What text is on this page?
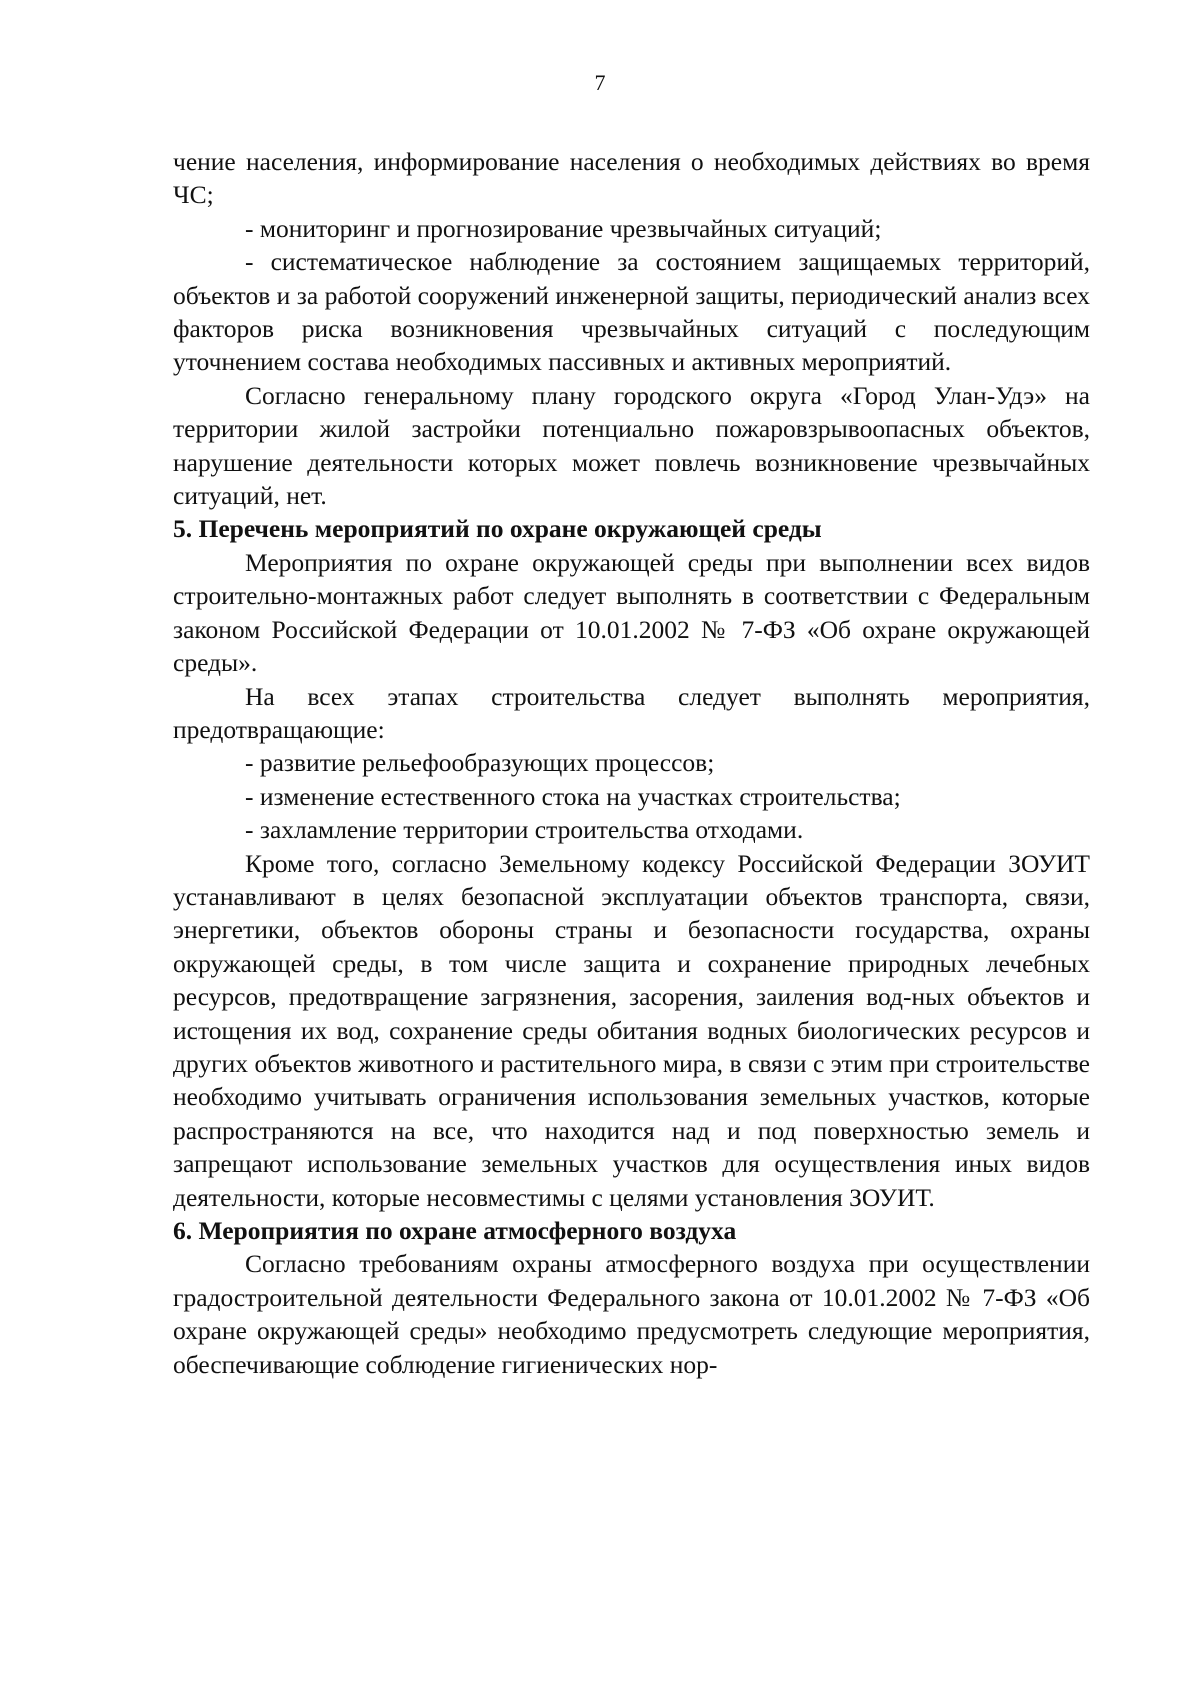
7

чение населения, информирование населения о необходимых действиях во время ЧС;

- мониторинг и прогнозирование чрезвычайных ситуаций;

- систематическое наблюдение за состоянием защищаемых территорий, объектов и за работой сооружений инженерной защиты, периодический анализ всех факторов риска возникновения чрезвычайных ситуаций с последующим уточнением состава необходимых пассивных и активных мероприятий.

Согласно генеральному плану городского округа «Город Улан-Удэ» на территории жилой застройки потенциально пожаровзрывоопасных объектов, нарушение деятельности которых может повлечь возникновение чрезвычайных ситуаций, нет.

5. Перечень мероприятий по охране окружающей среды

Мероприятия по охране окружающей среды при выполнении всех видов строительно-монтажных работ следует выполнять в соответствии с Федеральным законом Российской Федерации от 10.01.2002 № 7-ФЗ «Об охране окружающей среды».

На всех этапах строительства следует выполнять мероприятия, предотвращающие:

- развитие рельефообразующих процессов;

- изменение естественного стока на участках строительства;

- захламление территории строительства отходами.

Кроме того, согласно Земельному кодексу Российской Федерации ЗОУИТ устанавливают в целях безопасной эксплуатации объектов транспорта, связи, энергетики, объектов обороны страны и безопасности государства, охраны окружающей среды, в том числе защита и сохранение природных лечебных ресурсов, предотвращение загрязнения, засорения, заиления вод-ных объектов и истощения их вод, сохранение среды обитания водных биологических ресурсов и других объектов животного и растительного мира, в связи с этим при строительстве необходимо учитывать ограничения использования земельных участков, которые распространяются на все, что находится над и под поверхностью земель и запрещают использование земельных участков для осуществления иных видов деятельности, которые несовместимы с целями установления ЗОУИТ.

6. Мероприятия по охране атмосферного воздуха

Согласно требованиям охраны атмосферного воздуха при осуществлении градостроительной деятельности Федерального закона от 10.01.2002 № 7-ФЗ «Об охране окружающей среды» необходимо предусмотреть следующие мероприятия, обеспечивающие соблюдение гигиенических нор-
